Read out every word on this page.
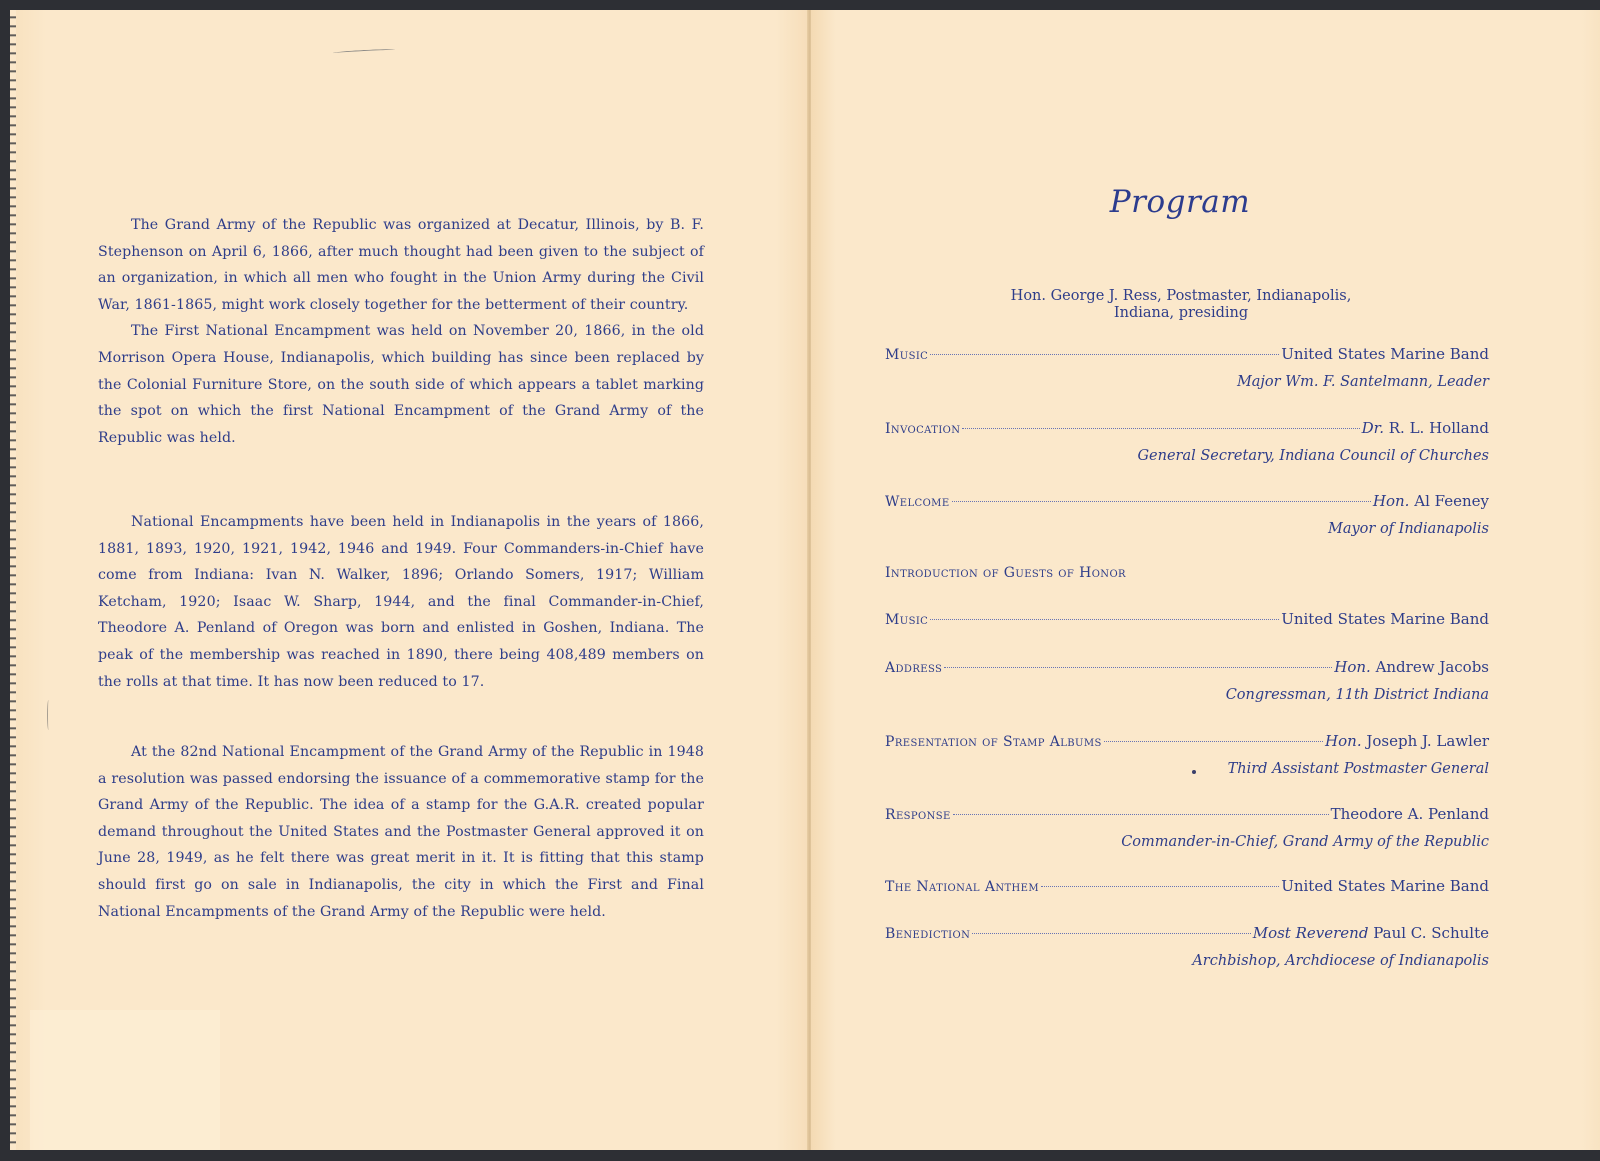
The Grand Army of the Republic was organized at Decatur, Illinois, by B. F. Stephenson on April 6, 1866, after much thought had been given to the subject of an organization, in which all men who fought in the Union Army during the Civil War, 1861-1865, might work closely together for the betterment of their country.

The First National Encampment was held on November 20, 1866, in the old Morrison Opera House, Indianapolis, which building has since been replaced by the Colonial Furniture Store, on the south side of which appears a tablet marking the spot on which the first National Encampment of the Grand Army of the Republic was held.

National Encampments have been held in Indianapolis in the years of 1866, 1881, 1893, 1920, 1921, 1942, 1946 and 1949. Four Commanders-in-Chief have come from Indiana: Ivan N. Walker, 1896; Orlando Somers, 1917; William Ketcham, 1920; Isaac W. Sharp, 1944, and the final Commander-in-Chief, Theodore A. Penland of Oregon was born and enlisted in Goshen, Indiana. The peak of the membership was reached in 1890, there being 408,489 members on the rolls at that time. It has now been reduced to 17.

At the 82nd National Encampment of the Grand Army of the Republic in 1948 a resolution was passed endorsing the issuance of a commemorative stamp for the Grand Army of the Republic. The idea of a stamp for the G.A.R. created popular demand throughout the United States and the Postmaster General approved it on June 28, 1949, as he felt there was great merit in it. It is fitting that this stamp should first go on sale in Indianapolis, the city in which the First and Final National Encampments of the Grand Army of the Republic were held.

Program
Hon. George J. Ress, Postmaster, Indianapolis,
Indiana, presiding
Music	United States Marine Band
Major Wm. F. Santelmann, Leader
Invocation	Dr. R. L. Holland
General Secretary, Indiana Council of Churches
Welcome	Hon. Al Feeney
Mayor of Indianapolis
Introduction of Guests of Honor
Music	United States Marine Band
Address	Hon. Andrew Jacobs
Congressman, 11th District Indiana
Presentation of Stamp Albums	Hon. Joseph J. Lawler
Third Assistant Postmaster General
Response	Theodore A. Penland
Commander-in-Chief, Grand Army of the Republic
The National Anthem	United States Marine Band
Benediction	Most Reverend Paul C. Schulte
Archbishop, Archdiocese of Indianapolis
